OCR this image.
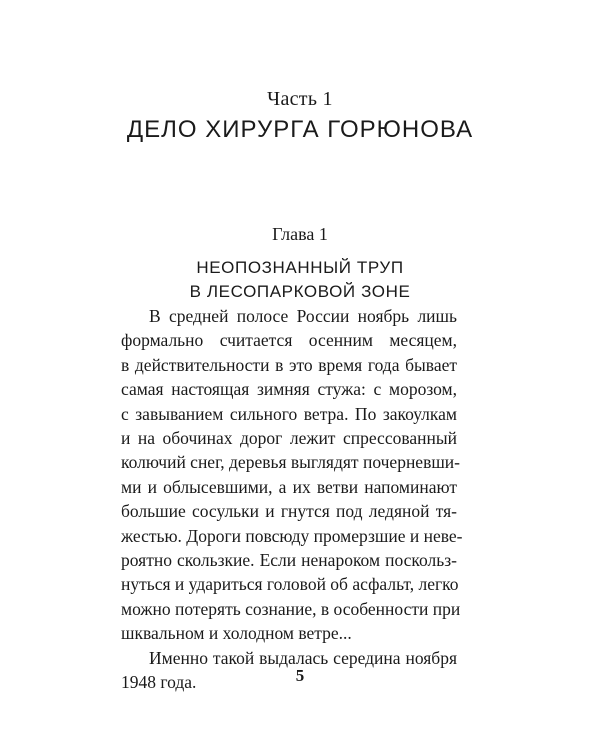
Часть 1
ДЕЛО ХИРУРГА ГОРЮНОВА
Глава 1
НЕОПОЗНАННЫЙ ТРУП
В ЛЕСОПАРКОВОЙ ЗОНЕ
В средней полосе России ноябрь лишь
формально считается осенним месяцем,
в действительности в это время года бывает
самая настоящая зимняя стужа: с морозом,
с завыванием сильного ветра. По закоулкам
и на обочинах дорог лежит спрессованный
колючий снег, деревья выглядят почерневши-
ми и облысевшими, а их ветви напоминают
большие сосульки и гнутся под ледяной тя-
жестью. Дороги повсюду промерзшие и неве-
роятно скользкие. Если ненароком поскольз-
нуться и удариться головой об асфальт, легко
можно потерять сознание, в особенности при
шквальном и холодном ветре...
Именно такой выдалась середина ноября
1948 года.	5
